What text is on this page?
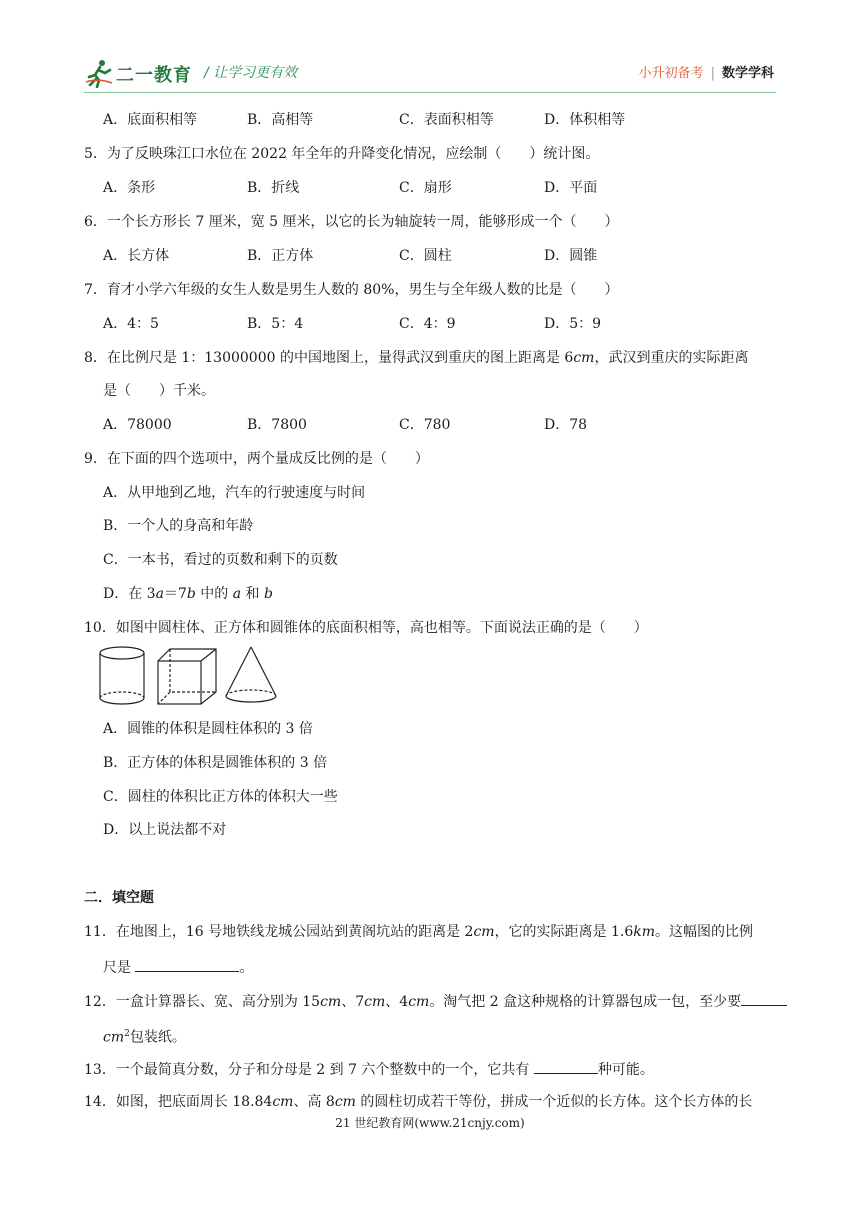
二一教育 / 让学习更有效	小升初备考 | 数学学科
A．底面积相等	B．高相等	C．表面积相等	D．体积相等
5．为了反映珠江口水位在 2022 年全年的升降变化情况，应绘制（　　）统计图。
A．条形	B．折线	C．扇形	D．平面
6．一个长方形长 7 厘米，宽 5 厘米，以它的长为轴旋转一周，能够形成一个（　　）
A．长方体	B．正方体	C．圆柱	D．圆锥
7．育才小学六年级的女生人数是男生人数的 80%，男生与全年级人数的比是（　　）
A．4：5	B．5：4	C．4：9	D．5：9
8．在比例尺是 1：13000000 的中国地图上，量得武汉到重庆的图上距离是 6cm，武汉到重庆的实际距离
是（　　）千米。
A．78000	B．7800	C．780	D．78
9．在下面的四个选项中，两个量成反比例的是（　　）
A．从甲地到乙地，汽车的行驶速度与时间
B．一个人的身高和年龄
C．一本书，看过的页数和剩下的页数
D．在 3a＝7b 中的 a 和 b
10．如图中圆柱体、正方体和圆锥体的底面积相等，高也相等。下面说法正确的是（　　）
A．圆锥的体积是圆柱体积的 3 倍
B．正方体的体积是圆锥体积的 3 倍
C．圆柱的体积比正方体的体积大一些
D．以上说法都不对
二．填空题
11．在地图上，16 号地铁线龙城公园站到黄阁坑站的距离是 2cm，它的实际距离是 1.6km。这幅图的比例
尺是	。
12．一盒计算器长、宽、高分别为 15cm、7cm、4cm。淘气把 2 盒这种规格的计算器包成一包，至少要
$cm^2$包装纸。
13．一个最简真分数，分子和分母是 2 到 7 六个整数中的一个，它共有	种可能。
14．如图，把底面周长 18.84cm、高 8cm 的圆柱切成若干等份，拼成一个近似的长方体。这个长方体的长
21 世纪教育网(www.21cnjy.com)
